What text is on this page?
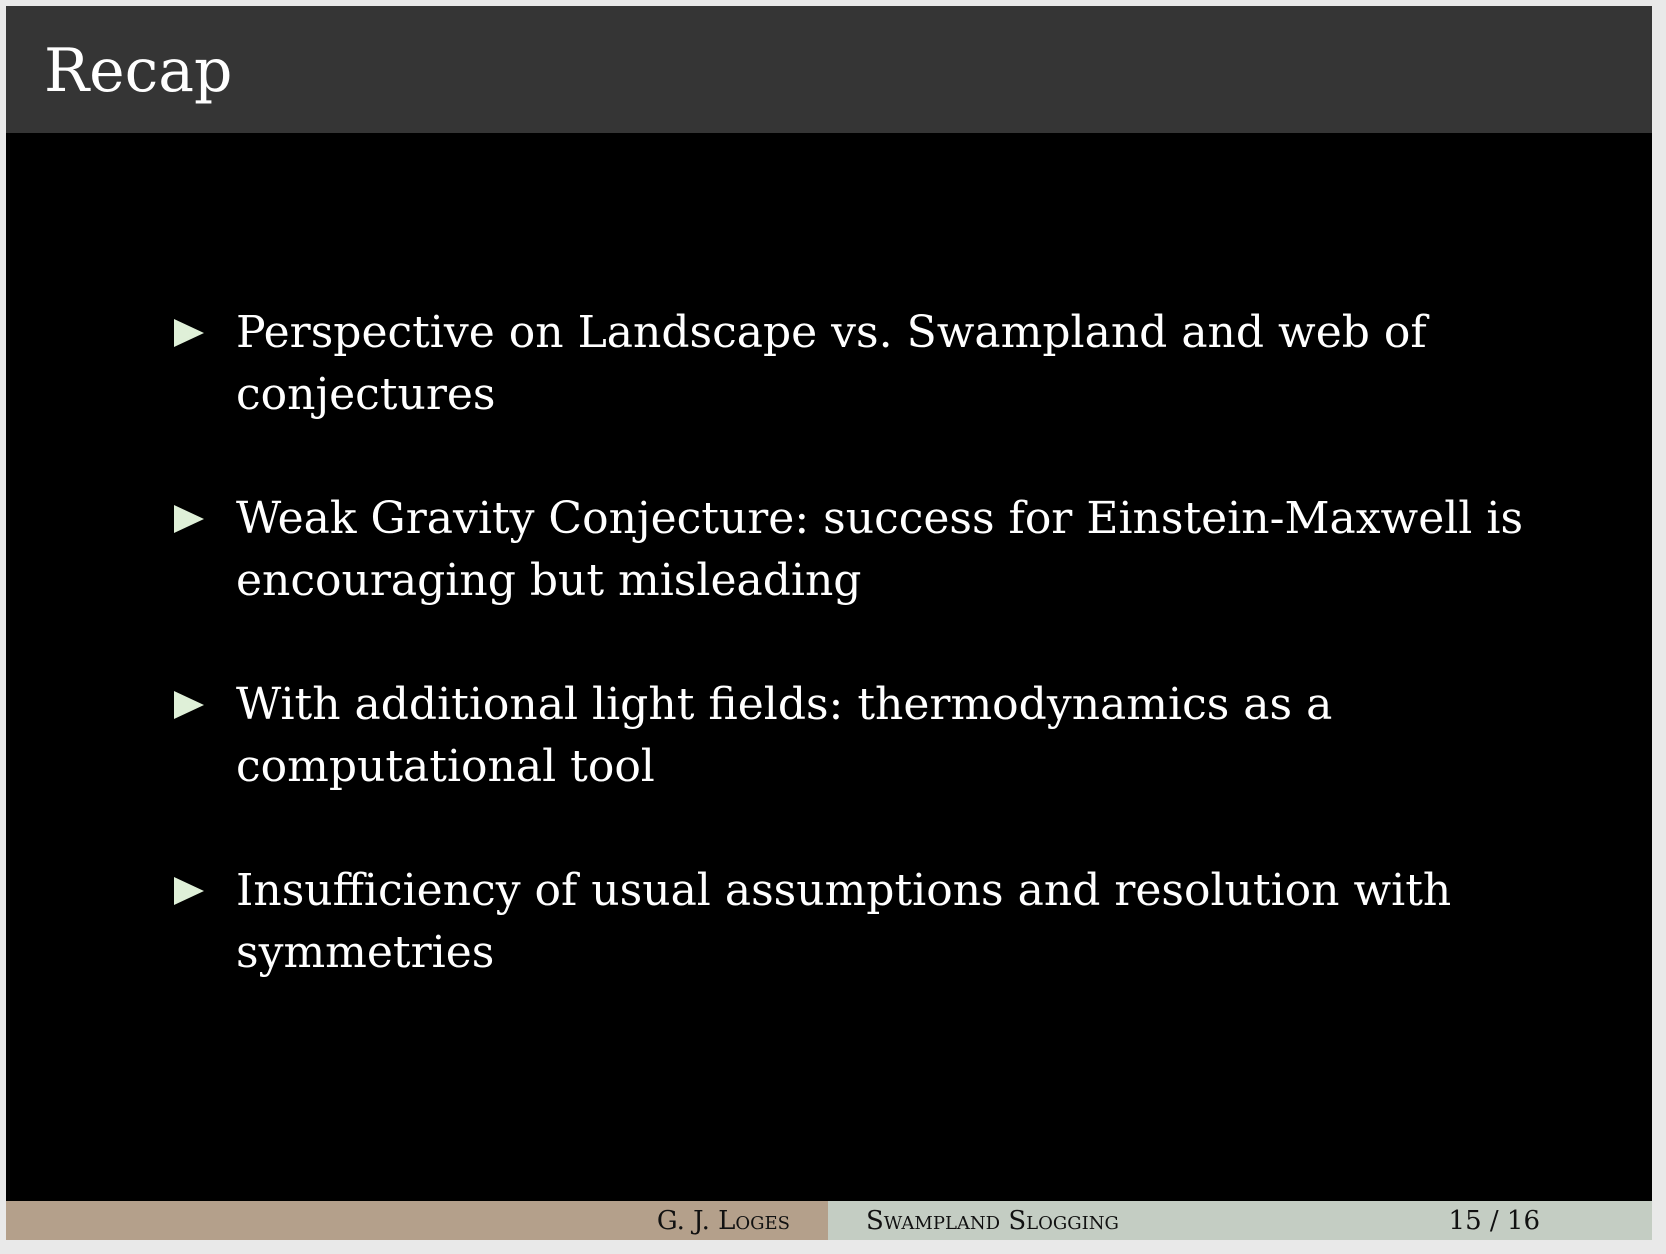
Recap
Perspective on Landscape vs. Swampland and web of conjectures
Weak Gravity Conjecture: success for Einstein-Maxwell is encouraging but misleading
With additional light fields: thermodynamics as a computational tool
Insufficiency of usual assumptions and resolution with symmetries
G. J. Loges	Swampland Slogging	15 / 16
